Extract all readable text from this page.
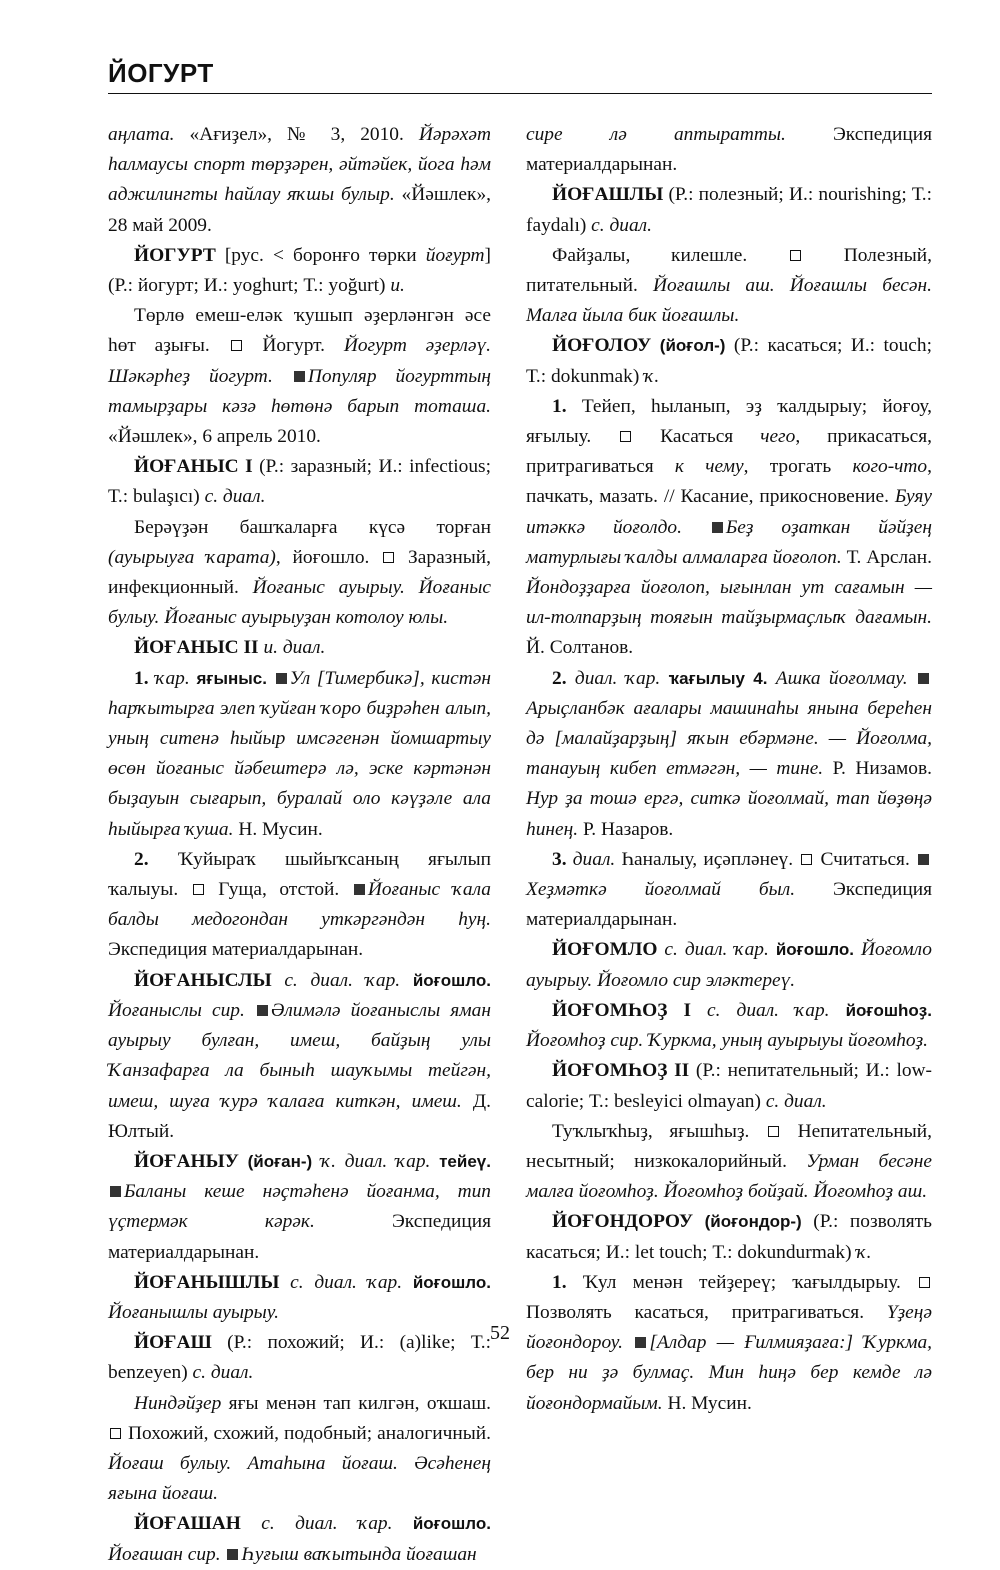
ЙОГУРТ

аңлата. «Ағиҙел», № 3, 2010. Йәрәхәт һалмаусы спорт төрҙәрен, әйтәйек, йога һәм аджилингты һайлау яҡшы булыр. «Йәшлек», 28 май 2009.

ЙОГУРТ [рус. < боронғо төрки йоғурт] (Р.: йогурт; И.: yoghurt; Т.: yoğurt) и.

Төрлө емеш-еләк ҡушып әҙерләнгән әсе һөт аҙығы.  Йогурт. Йогурт әҙерләү. Шәкәрһеҙ йогурт. Популяр йогурттың тамырҙары кәзә һөтөнә барып тоташа. «Йәшлек», 6 апрель 2010.

ЙОҒАНЫС I (Р.: заразный; И.: infectious; Т.: bulaşıcı) с. диал.

Берәүҙән башҡаларға күсә торған (ауырыуға ҡарата), йоғошло.  Заразный, инфекционный. Йоғаныс ауырыу. Йоғаныс булыу. Йоғаныс ауырыуҙан котолоу юлы.

ЙОҒАНЫС II и. диал.

1. ҡар. яғыныс. Ул [Тимербикә], кистән һарҡытырға элеп ҡуйған ҡоро биҙрәһен алып, уның ситенә һыйыр имсәгенән йомшартыу өсөн йоғаныс йәбештерә лә, эске кәртәнән быҙауын сығарып, буралай оло кәүҙәле ала һыйырға ҡуша. Н. Мусин.

2. Ҡуйыраҡ шыйыҡсаның яғылып ҡалыуы.  Гуща, отстой. Йоғаныс ҡала балды медогондан уткәргәндән һуң. Экспедиция материалдарынан.

ЙОҒАНЫСЛЫ с. диал. ҡар. йоғошло. Йоғаныслы сир. Әлимәлә йоғаныслы яман ауырыу булған, имеш, байҙың улы Ҡанзафарға ла быныһ шауҡымы тейгән, имеш, шуға ҡурә ҡалаға киткән, имеш. Д. Юлтый.

ЙОҒАНЫУ (йоған-) ҡ. диал. ҡар. тейеү. Баланы кеше нәҫтәһенә йоғанма, тип үҫтермәк кәрәк. Экспедиция материалдарынан.

ЙОҒАНЫШЛЫ с. диал. ҡар. йоғошло. Йоғанышлы ауырыу.

ЙОҒАШ (Р.: похожий; И.: (a)like; Т.: benzeyen) с. диал.

Ниндәйҙер яғы менән тап килгән, оҡшаш.  Похожий, схожий, подобный; аналогичный. Йоғаш булыу. Атаһына йоғаш. Әсәһенең яғына йоғаш.

ЙОҒАШАН с. диал. ҡар. йоғошло. Йоғашан сир. Һуғыш ваҡытында йоғашан

сире лә аптыратты. Экспедиция материалдарынан.

ЙОҒАШЛЫ (Р.: полезный; И.: nourishing; Т.: faydalı) с. диал.

Файҙалы, килешле.	Полезный, питательный. Йоғашлы аш. Йоғашлы бесән. Малға йыла бик йоғашлы.

ЙОҒОЛОУ (йоғол-) (Р.: касаться; И.: touch; Т.: dokunmak) ҡ.

1. Тейеп, һыланып, эҙ ҡалдырыу; йоғоу, яғылыу.  Касаться чего, прикасаться, притрагиваться к чему, трогать кого-что, пачкать, мазать. // Касание, прикосновение. Буяу итәккә йоғолдо. Беҙ оҙаткан йәйҙең матурлығы ҡалды алмаларға йоғолоп. Т. Арслан. Йондоҙҙарға йоғолоп, ығынлан ут сағамын — ил-толпарҙың тояғын тайҙырмаҫлыҡ дағамын. Й. Солтанов.

2. диал. ҡар. ҡағылыу 4. Ашка йоғолмау. Арыҫланбәк ағалары машинаһы янына береһен дә [малайҙарҙың] яҡын ебәрмәне. — Йоғолма, танауың кибеп етмәгән, — тине. Р. Низамов. Нур ҙа тошә ергә, ситкә йоғолмай, тап йөҙөңә һинең. Р. Назаров.

3. диал. Һаналыу, иҫәпләнеү.  Считаться. Хеҙмәткә йоғолмай был. Экспедиция материалдарынан.

ЙОҒОМЛО с. диал. ҡар. йоғошло. Йоғомло ауырыу. Йоғомло сир эләктереү.

ЙОҒОМҺОҘ I с. диал. ҡар. йоғошһоҙ. Йоғомһоҙ сир. Ҡуркма, уның ауырыуы йоғомһоҙ.

ЙОҒОМҺОҘ II (Р.: непитательный; И.: low-calorie; Т.: besleyici olmayan) с. диал.

Туҡлыҡһыҙ, яғышһыҙ.  Непитательный, несытный; низкокалорийный. Урман бесәне малға йоғомһоҙ. Йоғомһоҙ бойҙай. Йоғомһоҙ аш.

ЙОҒОНДОРОУ (йоғондор-) (Р.: позволять касаться; И.: let touch; Т.: dokundurmak) ҡ.

1. Ҡул менән тейҙереү; ҡағылдырыу.  Позволять касаться, притрагиваться. Үҙеңә йоғондороу. [Алдар — Ғилмияҙаға:] Ҡуркма, бер ни ҙә булмаҫ. Мин һиңә бер кемде лә йоғондормайым. Н. Мусин.

52
